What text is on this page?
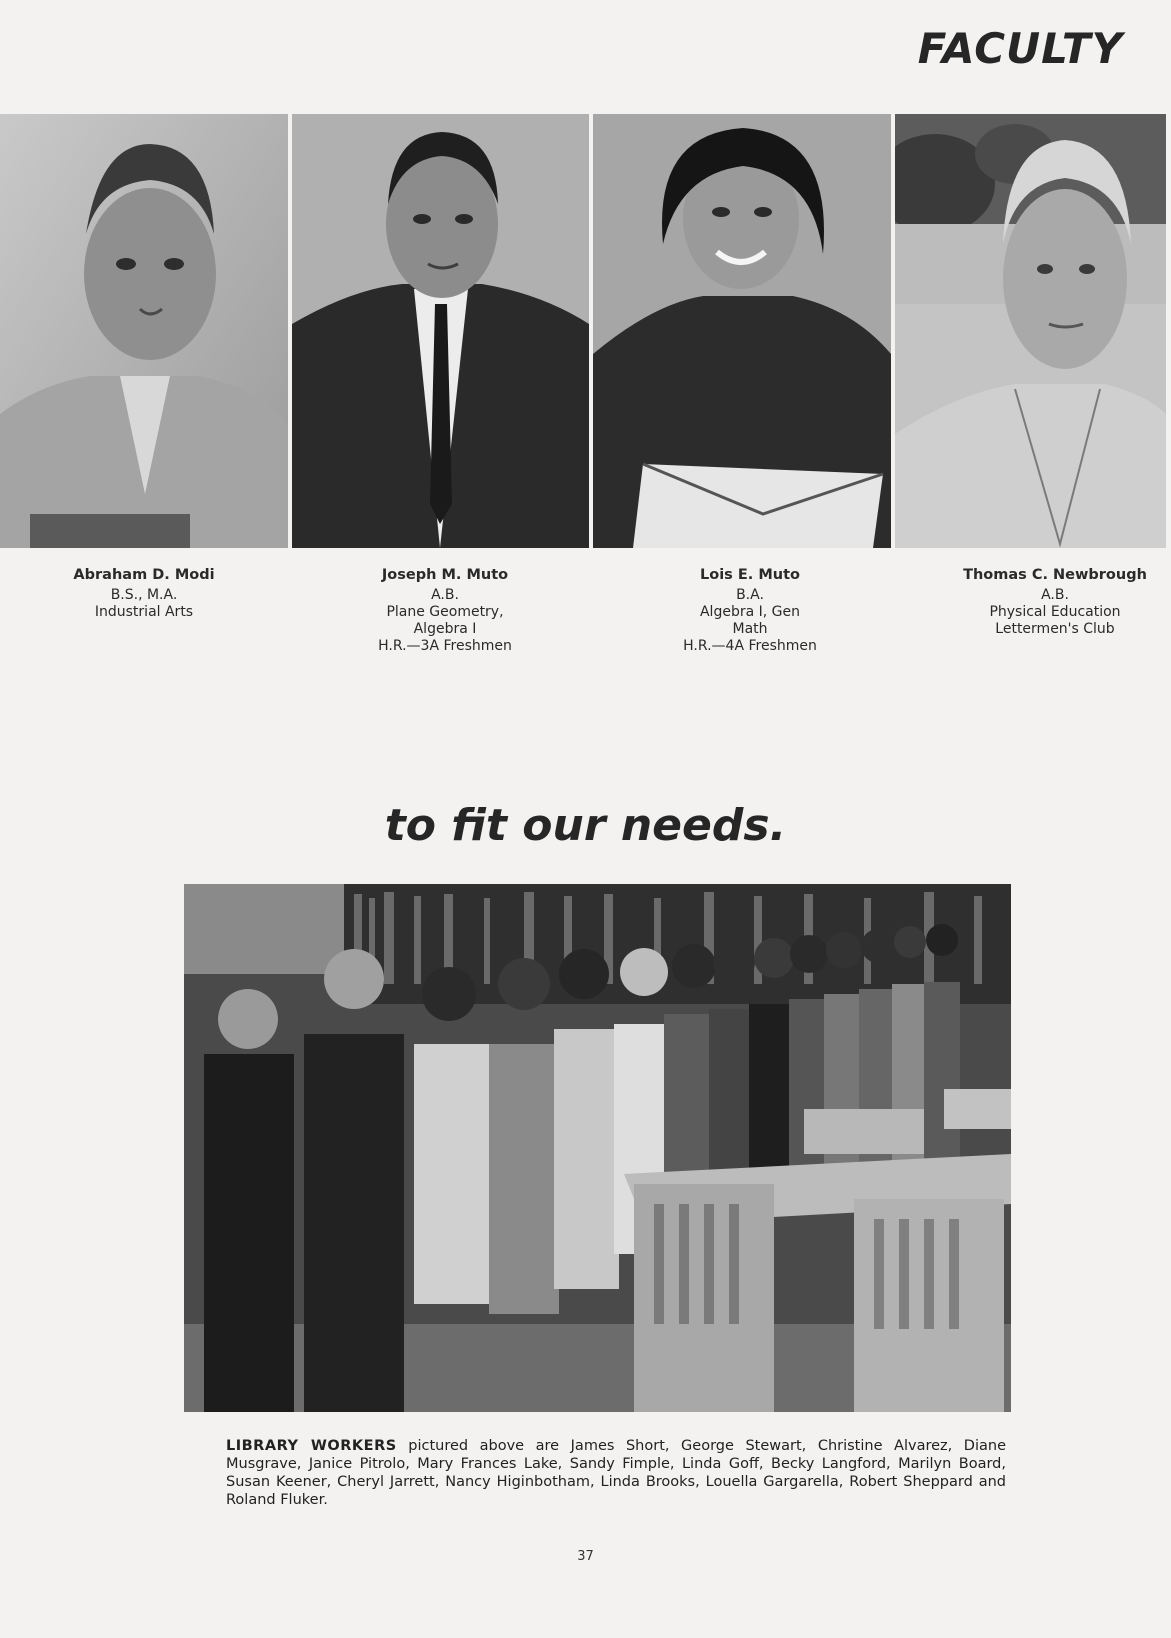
FACULTY
Abraham D. Modi
B.S., M.A.
Industrial Arts
Joseph M. Muto
A.B.
Plane Geometry,
Algebra I
H.R.—3A Freshmen
Lois E. Muto
B.A.
Algebra I, Gen
Math
H.R.—4A Freshmen
Thomas C. Newbrough
A.B.
Physical Education
Lettermen's Club
to fit our needs.
LIBRARY WORKERS pictured above are James Short, George Stewart, Christine Alvarez, Diane Musgrave, Janice Pitrolo, Mary Frances Lake, Sandy Fimple, Linda Goff, Becky Langford, Marilyn Board, Susan Keener, Cheryl Jarrett, Nancy Higinbotham, Linda Brooks, Louella Gargarella, Robert Sheppard and Roland Fluker.
37
